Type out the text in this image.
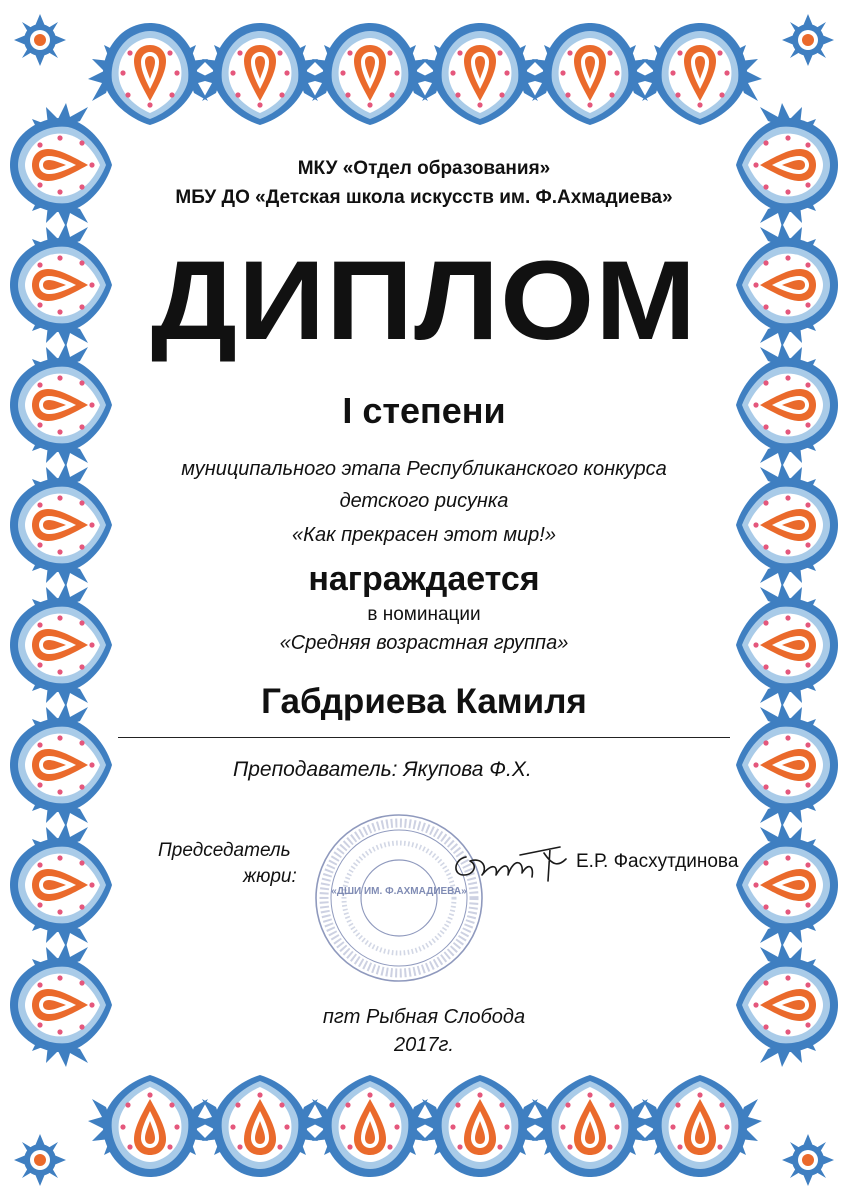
МКУ «Отдел образования»
МБУ ДО «Детская школа искусств им. Ф.Ахмадиева»
ДИПЛОМ
I степени
муниципального этапа Республиканского конкурса
детского рисунка
«Как прекрасен этот мир!»
награждается
в номинации
«Средняя возрастная группа»
Габдриева Камиля
Преподаватель: Якупова Ф.Х.
Председатель
жюри:
«ДШИ ИМ. Ф.АХМАДИЕВА»
Е.Р. Фасхутдинова
пгт Рыбная Слобода
2017г.
